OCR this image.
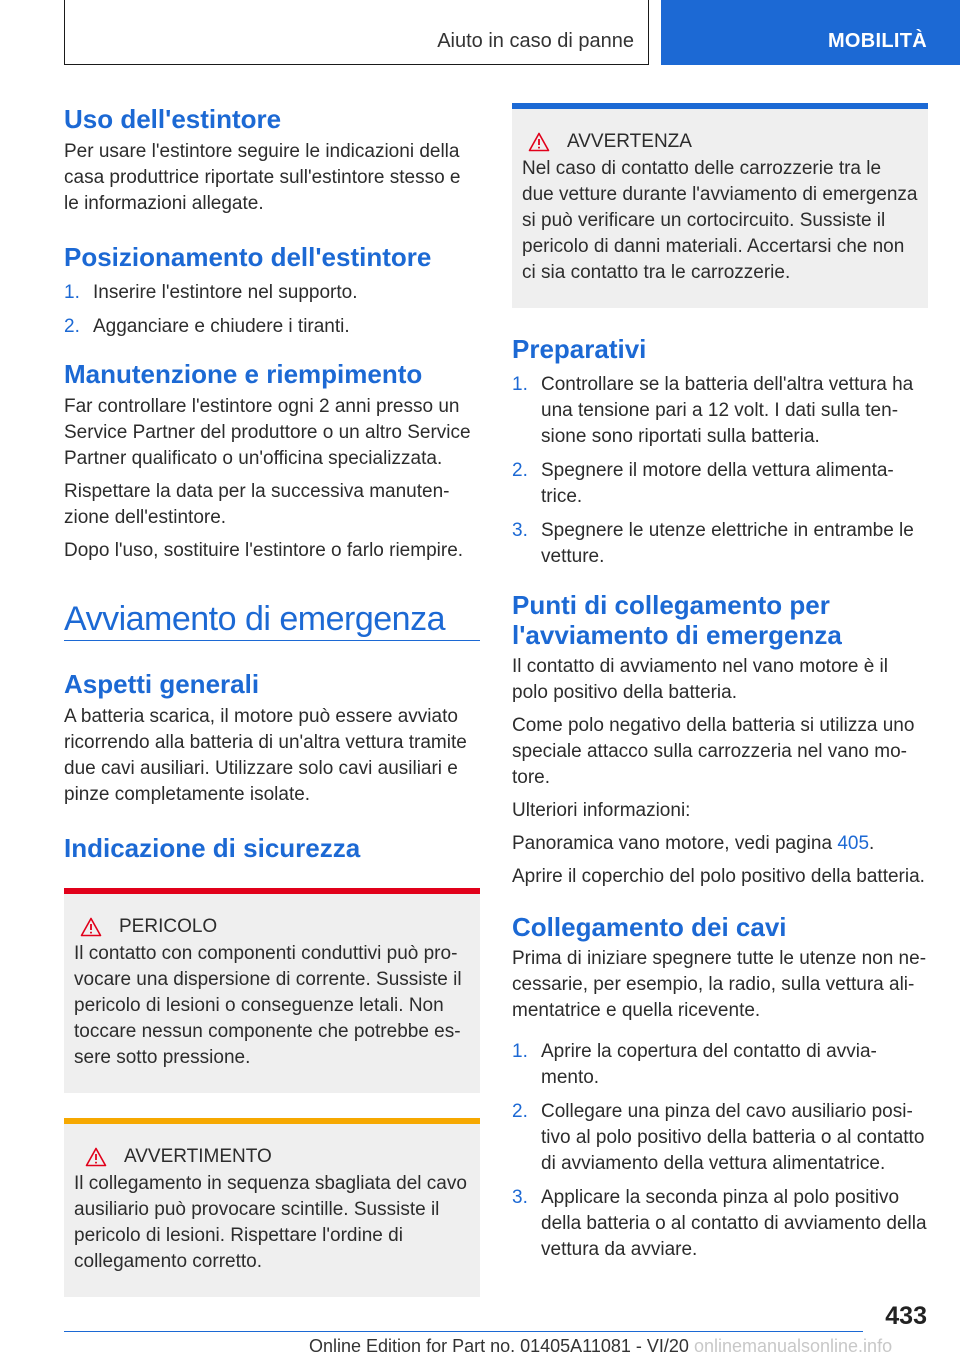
Aiuto in caso di panne	MOBILITÀ
Uso dell'estintore

Per usare l'estintore seguire le indicazioni della casa produttrice riportate sull'estintore stesso e le informazioni allegate.

Posizionamento dell'estintore
1. Inserire l'estintore nel supporto.
2. Agganciare e chiudere i tiranti.
Manutenzione e riempimento

Far controllare l'estintore ogni 2 anni presso un Service Partner del produttore o un altro Service Partner qualificato o un'officina specializzata.

Rispettare la data per la successiva manutenzione dell'estintore.

Dopo l'uso, sostituire l'estintore o farlo riempire.

Avviamento di emergenza
Aspetti generali

A batteria scarica, il motore può essere avviato ricorrendo alla batteria di un'altra vettura tramite due cavi ausiliari. Utilizzare solo cavi ausiliari e pinze completamente isolate.

Indicazione di sicurezza
PERICOLO

Il contatto con componenti conduttivi può provocare una dispersione di corrente. Sussiste il pericolo di lesioni o conseguenze letali. Non toccare nessun componente che potrebbe essere sotto pressione.

AVVERTIMENTO

Il collegamento in sequenza sbagliata del cavo ausiliario può provocare scintille. Sussiste il pericolo di lesioni. Rispettare l'ordine di collegamento corretto.

AVVERTENZA

Nel caso di contatto delle carrozzerie tra le due vetture durante l'avviamento di emergenza si può verificare un cortocircuito. Sussiste il pericolo di danni materiali. Accertarsi che non ci sia contatto tra le carrozzerie.

Preparativi
1. Controllare se la batteria dell'altra vettura ha una tensione pari a 12 volt. I dati sulla tensione sono riportati sulla batteria.
2. Spegnere il motore della vettura alimentatrice.
3. Spegnere le utenze elettriche in entrambe le vetture.
Punti di collegamento per l'avviamento di emergenza

Il contatto di avviamento nel vano motore è il polo positivo della batteria.

Come polo negativo della batteria si utilizza uno speciale attacco sulla carrozzeria nel vano motore.

Ulteriori informazioni:

Panoramica vano motore, vedi pagina 405.

Aprire il coperchio del polo positivo della batteria.

Collegamento dei cavi

Prima di iniziare spegnere tutte le utenze non necessarie, per esempio, la radio, sulla vettura alimentatrice e quella ricevente.

1. Aprire la copertura del contatto di avviamento.
2. Collegare una pinza del cavo ausiliario positivo al polo positivo della batteria o al contatto di avviamento della vettura alimentatrice.
3. Applicare la seconda pinza al polo positivo della batteria o al contatto di avviamento della vettura da avviare.
433
Online Edition for Part no. 01405A11081 - VI/20 onlinemanualsonline.info
